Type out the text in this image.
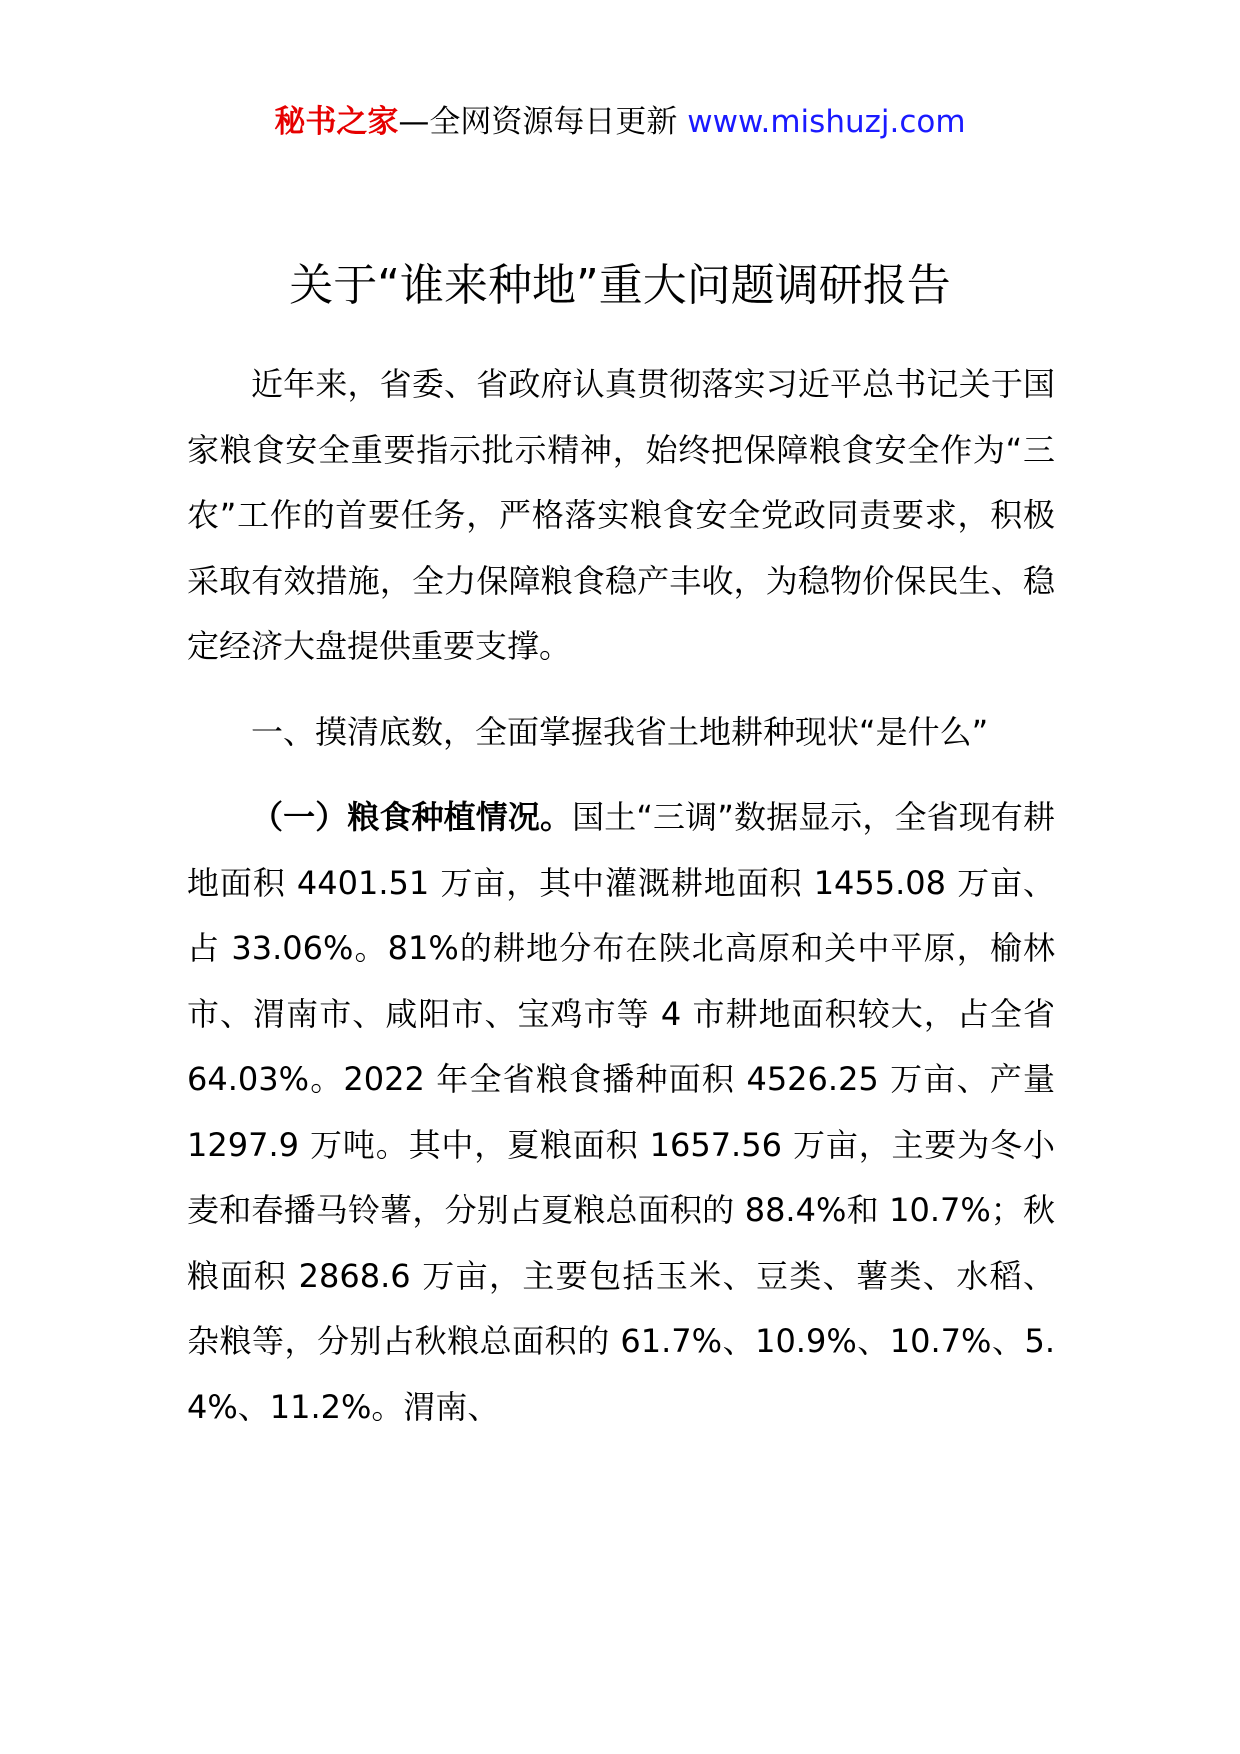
秘书之家—全网资源每日更新 www.mishuzj.com
关于“谁来种地”重大问题调研报告

近年来，省委、省政府认真贯彻落实习近平总书记关于国家粮食安全重要指示批示精神，始终把保障粮食安全作为“三农”工作的首要任务，严格落实粮食安全党政同责要求，积极采取有效措施，全力保障粮食稳产丰收，为稳物价保民生、稳定经济大盘提供重要支撑。

一、摸清底数，全面掌握我省土地耕种现状“是什么”

（一）粮食种植情况。国土“三调”数据显示，全省现有耕地面积 4401.51 万亩，其中灌溉耕地面积 1455.08 万亩、占 33.06%。81%的耕地分布在陕北高原和关中平原，榆林市、渭南市、咸阳市、宝鸡市等 4 市耕地面积较大，占全省 64.03%。2022 年全省粮食播种面积 4526.25 万亩、产量 1297.9 万吨。其中，夏粮面积 1657.56 万亩，主要为冬小麦和春播马铃薯，分别占夏粮总面积的 88.4%和 10.7%；秋粮面积 2868.6 万亩，主要包括玉米、豆类、薯类、水稻、杂粮等，分别占秋粮总面积的 61.7%、10.9%、10.7%、5.4%、11.2%。渭南、
